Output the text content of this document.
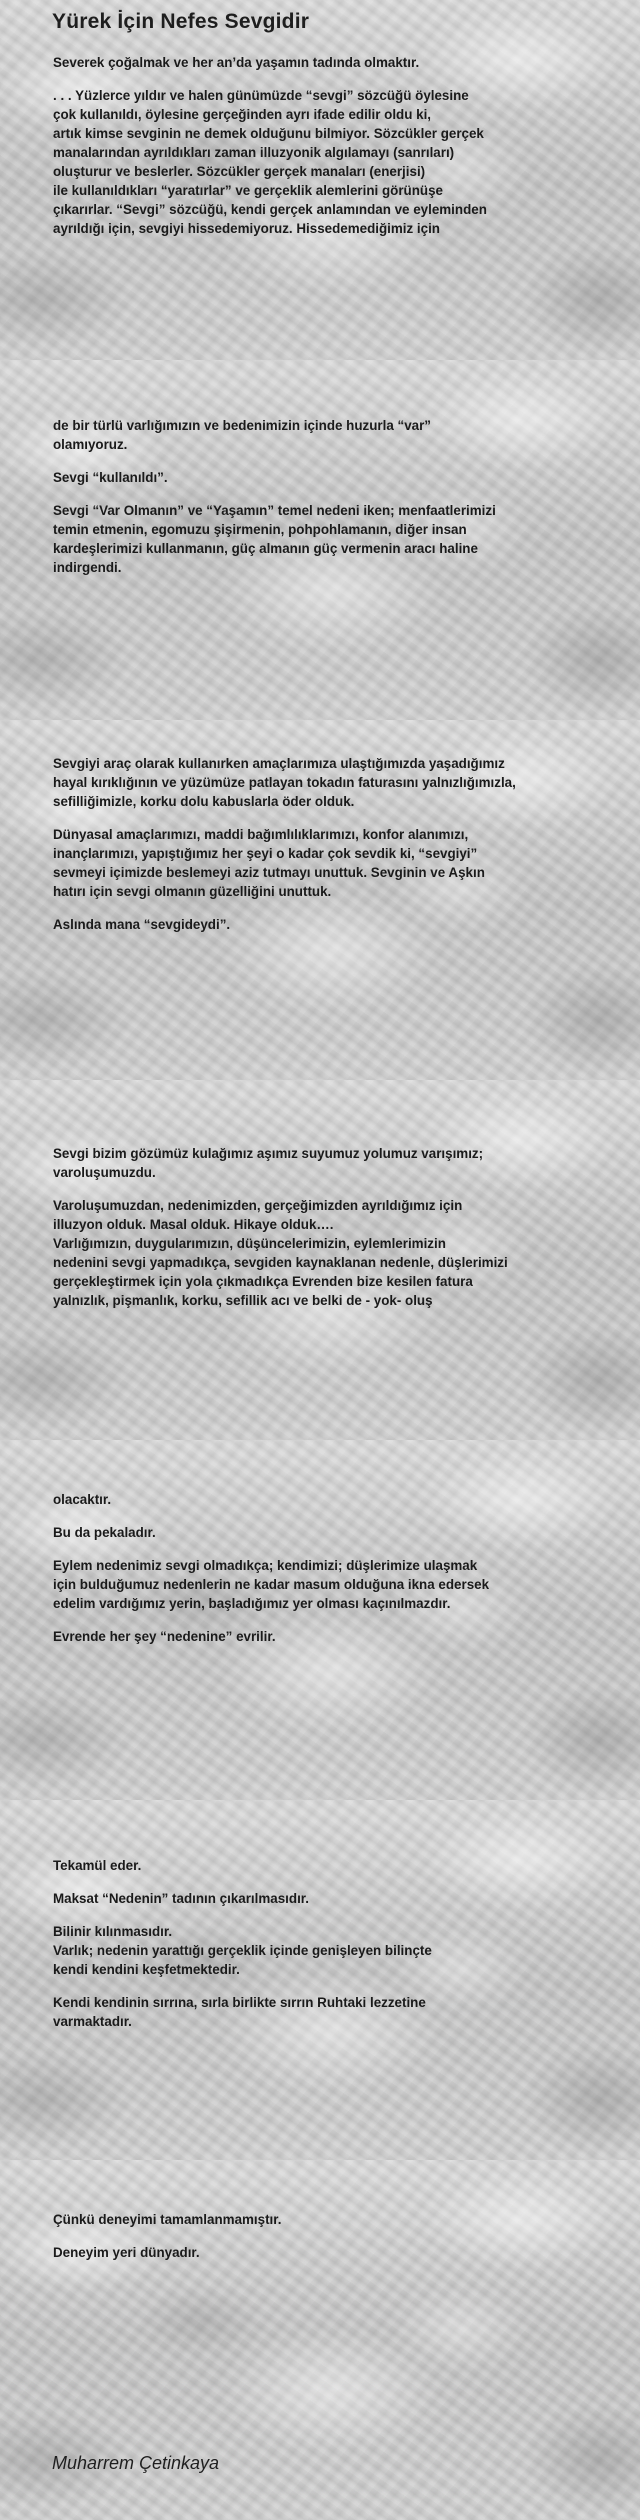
Yürek İçin Nefes Sevgidir
Severek çoğalmak ve her an’da yaşamın tadında olmaktır.
. . . Yüzlerce yıldır ve halen günümüzde “sevgi” sözcüğü öylesine
çok kullanıldı, öylesine gerçeğinden ayrı ifade edilir oldu ki,
artık kimse sevginin ne demek olduğunu bilmiyor. Sözcükler gerçek
manalarından ayrıldıkları zaman illuzyonik algılamayı (sanrıları)
oluşturur ve beslerler. Sözcükler gerçek manaları (enerjisi)
ile kullanıldıkları “yaratırlar” ve gerçeklik alemlerini görünüşe
çıkarırlar. “Sevgi” sözcüğü, kendi gerçek anlamından ve eyleminden
ayrıldığı için, sevgiyi hissedemiyoruz. Hissedemediğimiz için
de bir türlü varlığımızın ve bedenimizin içinde huzurla “var”
olamıyoruz.
Sevgi “kullanıldı”.
Sevgi “Var Olmanın” ve “Yaşamın” temel nedeni iken; menfaatlerimizi
temin etmenin, egomuzu şişirmenin, pohpohlamanın, diğer insan
kardeşlerimizi kullanmanın, güç almanın güç vermenin aracı haline
indirgendi.
Sevgiyi araç olarak kullanırken amaçlarımıza ulaştığımızda yaşadığımız
hayal kırıklığının ve yüzümüze patlayan tokadın faturasını yalnızlığımızla,
sefilliğimizle, korku dolu kabuslarla öder olduk.
Dünyasal amaçlarımızı, maddi bağımlılıklarımızı, konfor alanımızı,
inançlarımızı, yapıştığımız her şeyi o kadar çok sevdik ki, “sevgiyi”
sevmeyi içimizde beslemeyi aziz tutmayı unuttuk. Sevginin ve Aşkın
hatırı için sevgi olmanın güzelliğini unuttuk.
Aslında mana “sevgideydi”.
Sevgi bizim gözümüz kulağımız aşımız suyumuz yolumuz varışımız;
varoluşumuzdu.
Varoluşumuzdan, nedenimizden, gerçeğimizden ayrıldığımız için
illuzyon olduk. Masal olduk. Hikaye olduk….
Varlığımızın, duygularımızın, düşüncelerimizin, eylemlerimizin
nedenini sevgi yapmadıkça, sevgiden kaynaklanan nedenle, düşlerimizi
gerçekleştirmek için yola çıkmadıkça Evrenden bize kesilen fatura
yalnızlık, pişmanlık, korku, sefillik acı ve belki de - yok- oluş
olacaktır.
Bu da pekaladır.
Eylem nedenimiz sevgi olmadıkça; kendimizi; düşlerimize ulaşmak
için bulduğumuz nedenlerin ne kadar masum olduğuna ikna edersek
edelim vardığımız yerin, başladığımız yer olması kaçınılmazdır.
Evrende her şey “nedenine” evrilir.
Tekamül eder.
Maksat “Nedenin” tadının çıkarılmasıdır.
Bilinir kılınmasıdır.
Varlık; nedenin yarattığı gerçeklik içinde genişleyen bilinçte
kendi kendini keşfetmektedir.
Kendi kendinin sırrına, sırla birlikte sırrın Ruhtaki lezzetine
varmaktadır.
Çünkü deneyimi tamamlanmamıştır.
Deneyim yeri dünyadır.
Muharrem Çetinkaya
